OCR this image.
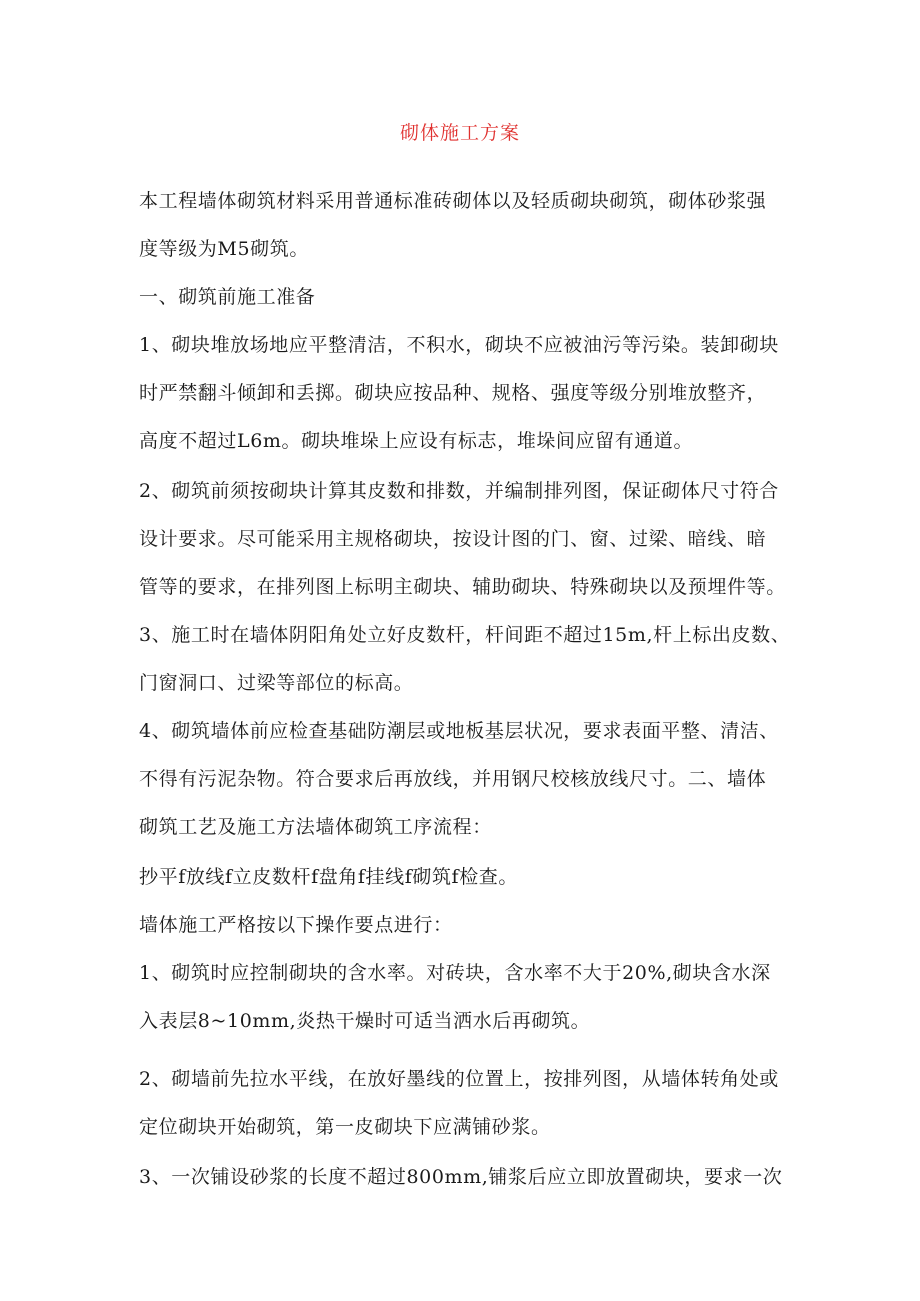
砌体施工方案
本工程墙体砌筑材料采用普通标准砖砌体以及轻质砌块砌筑，砌体砂浆强
度等级为M5砌筑。
一、砌筑前施工准备
1、砌块堆放场地应平整清洁，不积水，砌块不应被油污等污染。装卸砌块
时严禁翻斗倾卸和丢掷。砌块应按品种、规格、强度等级分别堆放整齐，
高度不超过L6m。砌块堆垛上应设有标志，堆垛间应留有通道。
2、砌筑前须按砌块计算其皮数和排数，并编制排列图，保证砌体尺寸符合
设计要求。尽可能采用主规格砌块，按设计图的门、窗、过梁、暗线、暗
管等的要求，在排列图上标明主砌块、辅助砌块、特殊砌块以及预埋件等。
3、施工时在墙体阴阳角处立好皮数杆，杆间距不超过15m,杆上标出皮数、
门窗洞口、过梁等部位的标高。
4、砌筑墙体前应检查基础防潮层或地板基层状况，要求表面平整、清洁、
不得有污泥杂物。符合要求后再放线，并用钢尺校核放线尺寸。二、墙体
砌筑工艺及施工方法墙体砌筑工序流程：
抄平f放线f立皮数杆f盘角f挂线f砌筑f检查。
墙体施工严格按以下操作要点进行：
1、砌筑时应控制砌块的含水率。对砖块，含水率不大于20%,砌块含水深
入表层8~10mm,炎热干燥时可适当洒水后再砌筑。
2、砌墙前先拉水平线，在放好墨线的位置上，按排列图，从墙体转角处或
定位砌块开始砌筑，第一皮砌块下应满铺砂浆。
3、一次铺设砂浆的长度不超过800mm,铺浆后应立即放置砌块，要求一次
